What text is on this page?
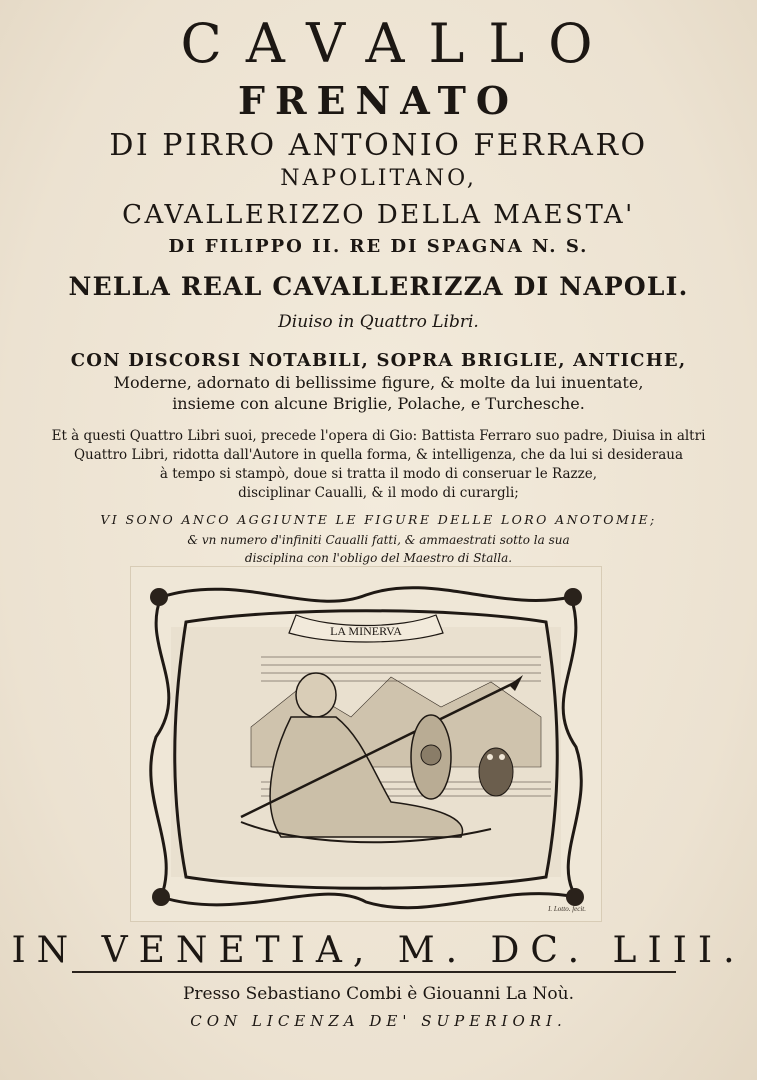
CAVALLO
FRENATO
DI PIRRO ANTONIO FERRARO
NAPOLITANO,
CAVALLERIZZO DELLA MAESTA'
DI FILIPPO II. RE DI SPAGNA N. S.
NELLA REAL CAVALLERIZZA DI NAPOLI.
Diuiso in Quattro Libri.
CON DISCORSI NOTABILI, SOPRA BRIGLIE, ANTICHE,
Moderne, adornato di bellissime figure, & molte da lui inuentate,
insieme con alcune Briglie, Polache, e Turchesche.
Et à questi Quattro Libri suoi, precede l'opera di Gio: Battista Ferraro suo padre, Diuisa in altri
Quattro Libri, ridotta dall'Autore in quella forma, & intelligenza, che da lui si desideraua
à tempo si stampò, doue si tratta il modo di conseruar le Razze,
disciplinar Caualli, & il modo di curargli;
VI SONO ANCO AGGIUNTE LE FIGURE DELLE LORO ANOTOMIE;
& vn numero d'infiniti Caualli fatti, & ammaestrati sotto la sua
disciplina con l'obligo del Maestro di Stalla.
LA MINERVA
I. Lotto. fecit.
IN VENETIA, M. DC. LIII.
Presso Sebastiano Combi è Giouanni La Noù.
CON LICENZA DE' SUPERIORI.
